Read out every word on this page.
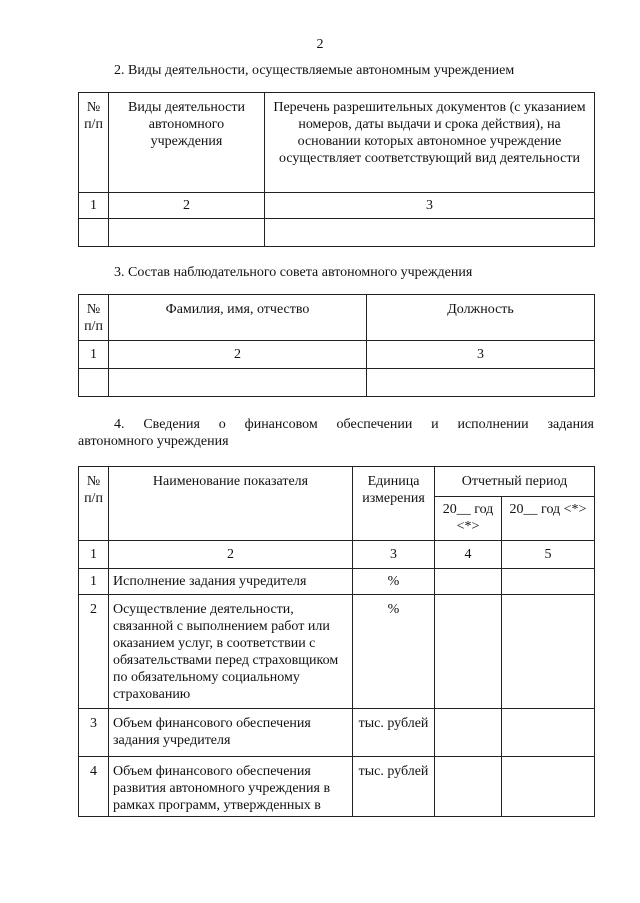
2
2. Виды деятельности, осуществляемые автономным учреждением
№ п/п	Виды деятельности автономного учреждения	Перечень разрешительных документов (с указанием номеров, даты выдачи и срока действия), на основании которых автономное учреждение осуществляет соответствующий вид деятельности
1	2	3

3. Состав наблюдательного совета автономного учреждения
№ п/п	Фамилия, имя, отчество	Должность
1	2	3

4. Сведения о финансовом обеспечении и исполнении задания
автономного учреждения
№ п/п	Наименование показателя	Единица измерения	Отчетный период	
			20__ год <*>	20__ год <*>
1	2	3	4	5
1	Исполнение задания учредителя	%		
2	Осуществление деятельности, связанной с выполнением работ или оказанием услуг, в соответствии с обязательствами перед страховщиком по обязательному социальному страхованию	%		
3	Объем финансового обеспечения задания учредителя	тыс. рублей		
4	Объем финансового обеспечения развития автономного учреждения в рамках программ, утвержденных в	тыс. рублей		
